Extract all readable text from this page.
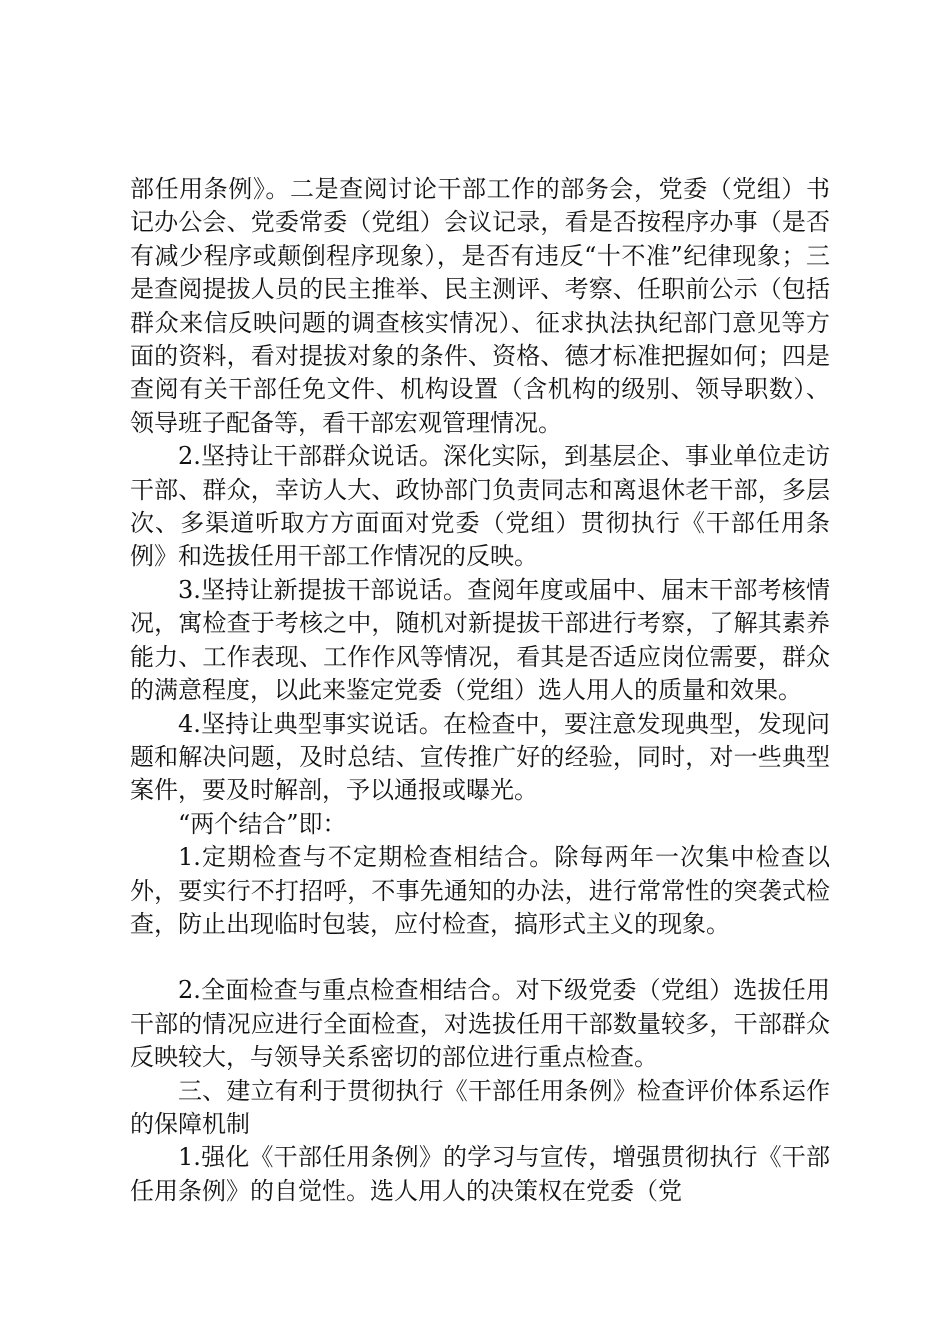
部任用条例》。二是查阅讨论干部工作的部务会，党委（党组）书记办公会、党委常委（党组）会议记录，看是否按程序办事（是否有减少程序或颠倒程序现象），是否有违反“十不准”纪律现象；三是查阅提拔人员的民主推举、民主测评、考察、任职前公示（包括群众来信反映问题的调查核实情况）、征求执法执纪部门意见等方面的资料，看对提拔对象的条件、资格、德才标准把握如何；四是查阅有关干部任免文件、机构设置（含机构的级别、领导职数）、领导班子配备等，看干部宏观管理情况。

2.坚持让干部群众说话。深化实际，到基层企、事业单位走访干部、群众，幸访人大、政协部门负责同志和离退休老干部，多层次、多渠道听取方方面面对党委（党组）贯彻执行《干部任用条例》和选拔任用干部工作情况的反映。

3.坚持让新提拔干部说话。查阅年度或届中、届末干部考核情况，寓检查于考核之中，随机对新提拔干部进行考察，了解其素养能力、工作表现、工作作风等情况，看其是否适应岗位需要，群众的满意程度，以此来鉴定党委（党组）选人用人的质量和效果。

4.坚持让典型事实说话。在检查中，要注意发现典型，发现问题和解决问题，及时总结、宣传推广好的经验，同时，对一些典型案件，要及时解剖，予以通报或曝光。

“两个结合”即：

1.定期检查与不定期检查相结合。除每两年一次集中检查以外，要实行不打招呼，不事先通知的办法，进行常常性的突袭式检查，防止出现临时包装，应付检查，搞形式主义的现象。

2.全面检查与重点检查相结合。对下级党委（党组）选拔任用干部的情况应进行全面检查，对选拔任用干部数量较多，干部群众反映较大，与领导关系密切的部位进行重点检查。

三、建立有利于贯彻执行《干部任用条例》检查评价体系运作的保障机制

1.强化《干部任用条例》的学习与宣传，增强贯彻执行《干部任用条例》的自觉性。选人用人的决策权在党委（党
